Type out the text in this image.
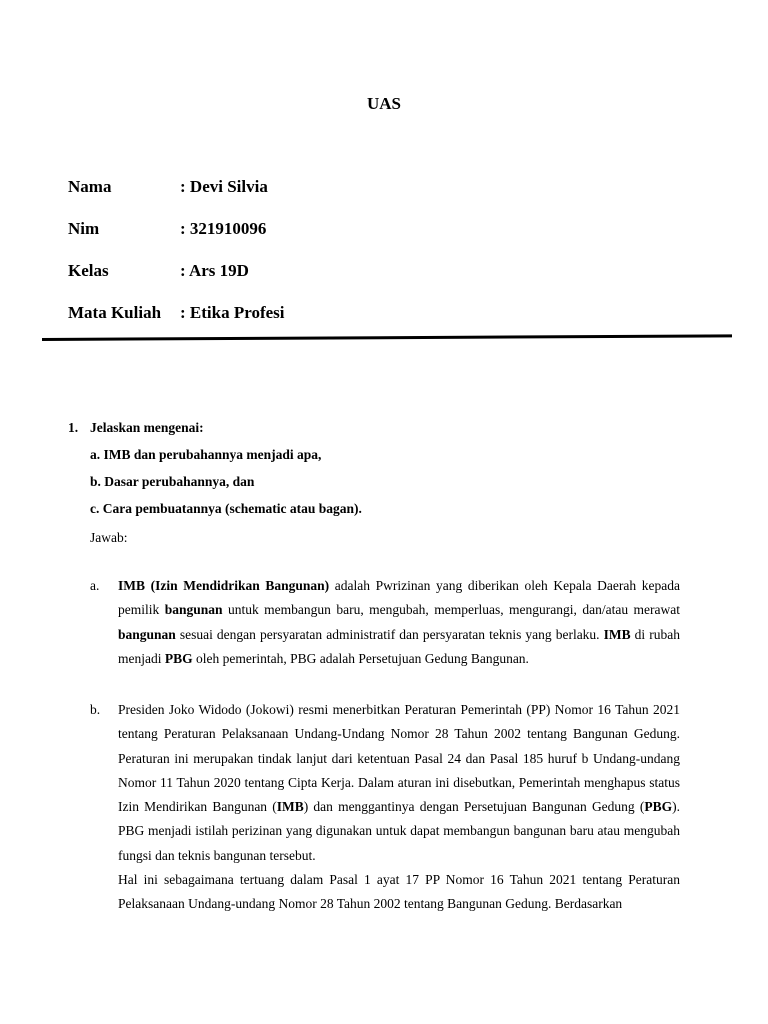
UAS
Nama	: Devi Silvia
Nim	: 321910096
Kelas	: Ars 19D
Mata Kuliah	: Etika Profesi
1. Jelaskan mengenai:
a. IMB dan perubahannya menjadi apa,
b. Dasar perubahannya, dan
c. Cara pembuatannya (schematic atau bagan).
Jawab:
a.	IMB (Izin Mendidrikan Bangunan) adalah Pwrizinan yang diberikan oleh Kepala Daerah kepada pemilik bangunan untuk membangun baru, mengubah, memperluas, mengurangi, dan/atau merawat bangunan sesuai dengan persyaratan administratif dan persyaratan teknis yang berlaku. IMB di rubah menjadi PBG oleh pemerintah, PBG adalah Persetujuan Gedung Bangunan.

b.	Presiden Joko Widodo (Jokowi) resmi menerbitkan Peraturan Pemerintah (PP) Nomor 16 Tahun 2021 tentang Peraturan Pelaksanaan Undang-Undang Nomor 28 Tahun 2002 tentang Bangunan Gedung. Peraturan ini merupakan tindak lanjut dari ketentuan Pasal 24 dan Pasal 185 huruf b Undang-undang Nomor 11 Tahun 2020 tentang Cipta Kerja. Dalam aturan ini disebutkan, Pemerintah menghapus status Izin Mendirikan Bangunan (IMB) dan menggantinya dengan Persetujuan Bangunan Gedung (PBG). PBG menjadi istilah perizinan yang digunakan untuk dapat membangun bangunan baru atau mengubah fungsi dan teknis bangunan tersebut.

Hal ini sebagaimana tertuang dalam Pasal 1 ayat 17 PP Nomor 16 Tahun 2021 tentang Peraturan Pelaksanaan Undang-undang Nomor 28 Tahun 2002 tentang Bangunan Gedung. Berdasarkan
